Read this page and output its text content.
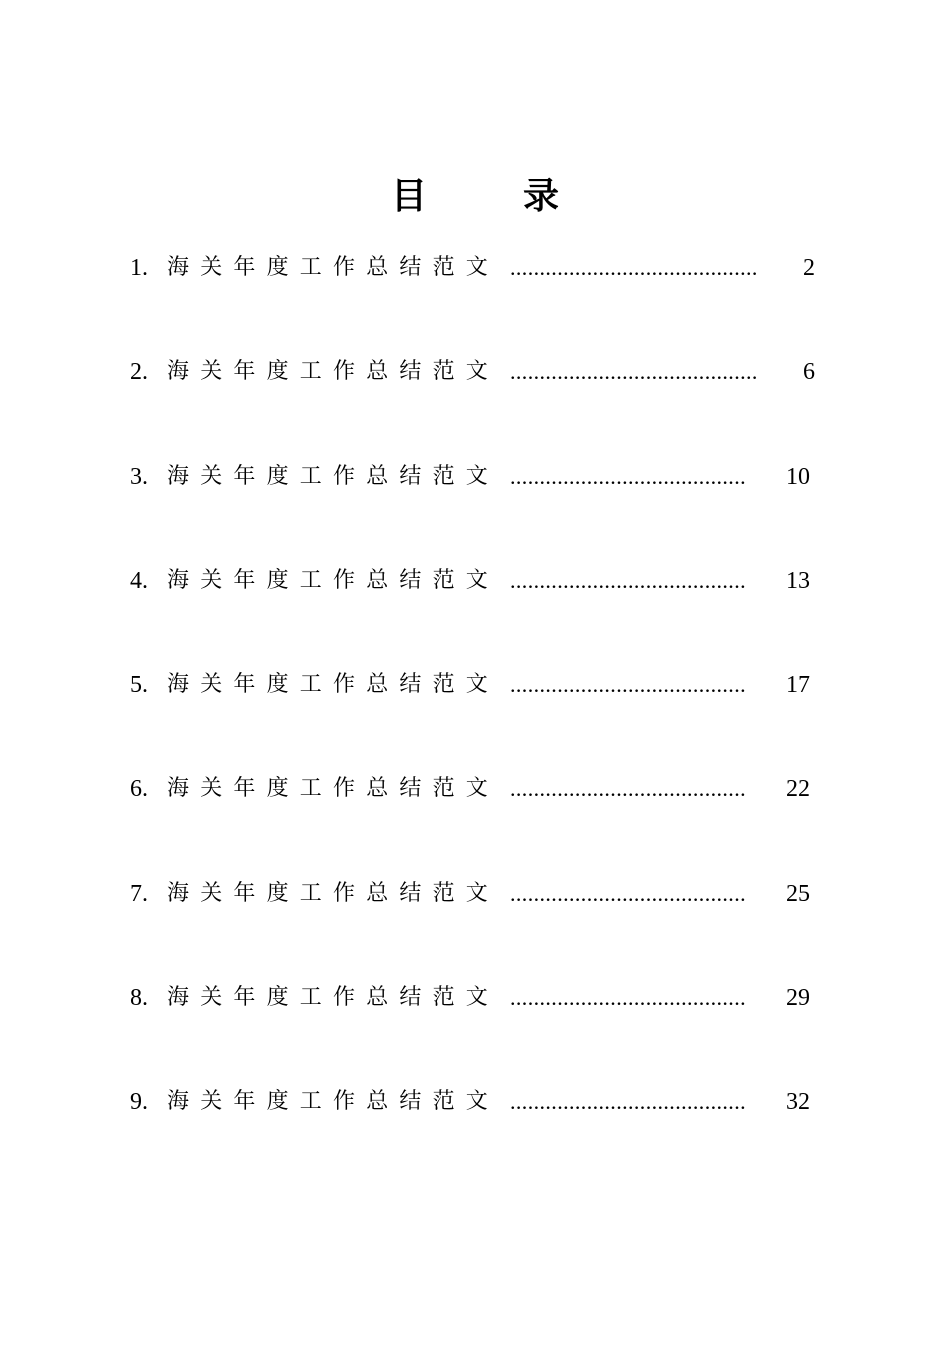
目　录
1. 海关年度工作总结范文 ..........................................	2
2. 海关年度工作总结范文 ..........................................	6
3. 海关年度工作总结范文 ........................................	10
4. 海关年度工作总结范文 ........................................	13
5. 海关年度工作总结范文 ........................................	17
6. 海关年度工作总结范文 ........................................	22
7. 海关年度工作总结范文 ........................................	25
8. 海关年度工作总结范文 ........................................	29
9. 海关年度工作总结范文 ........................................	32
